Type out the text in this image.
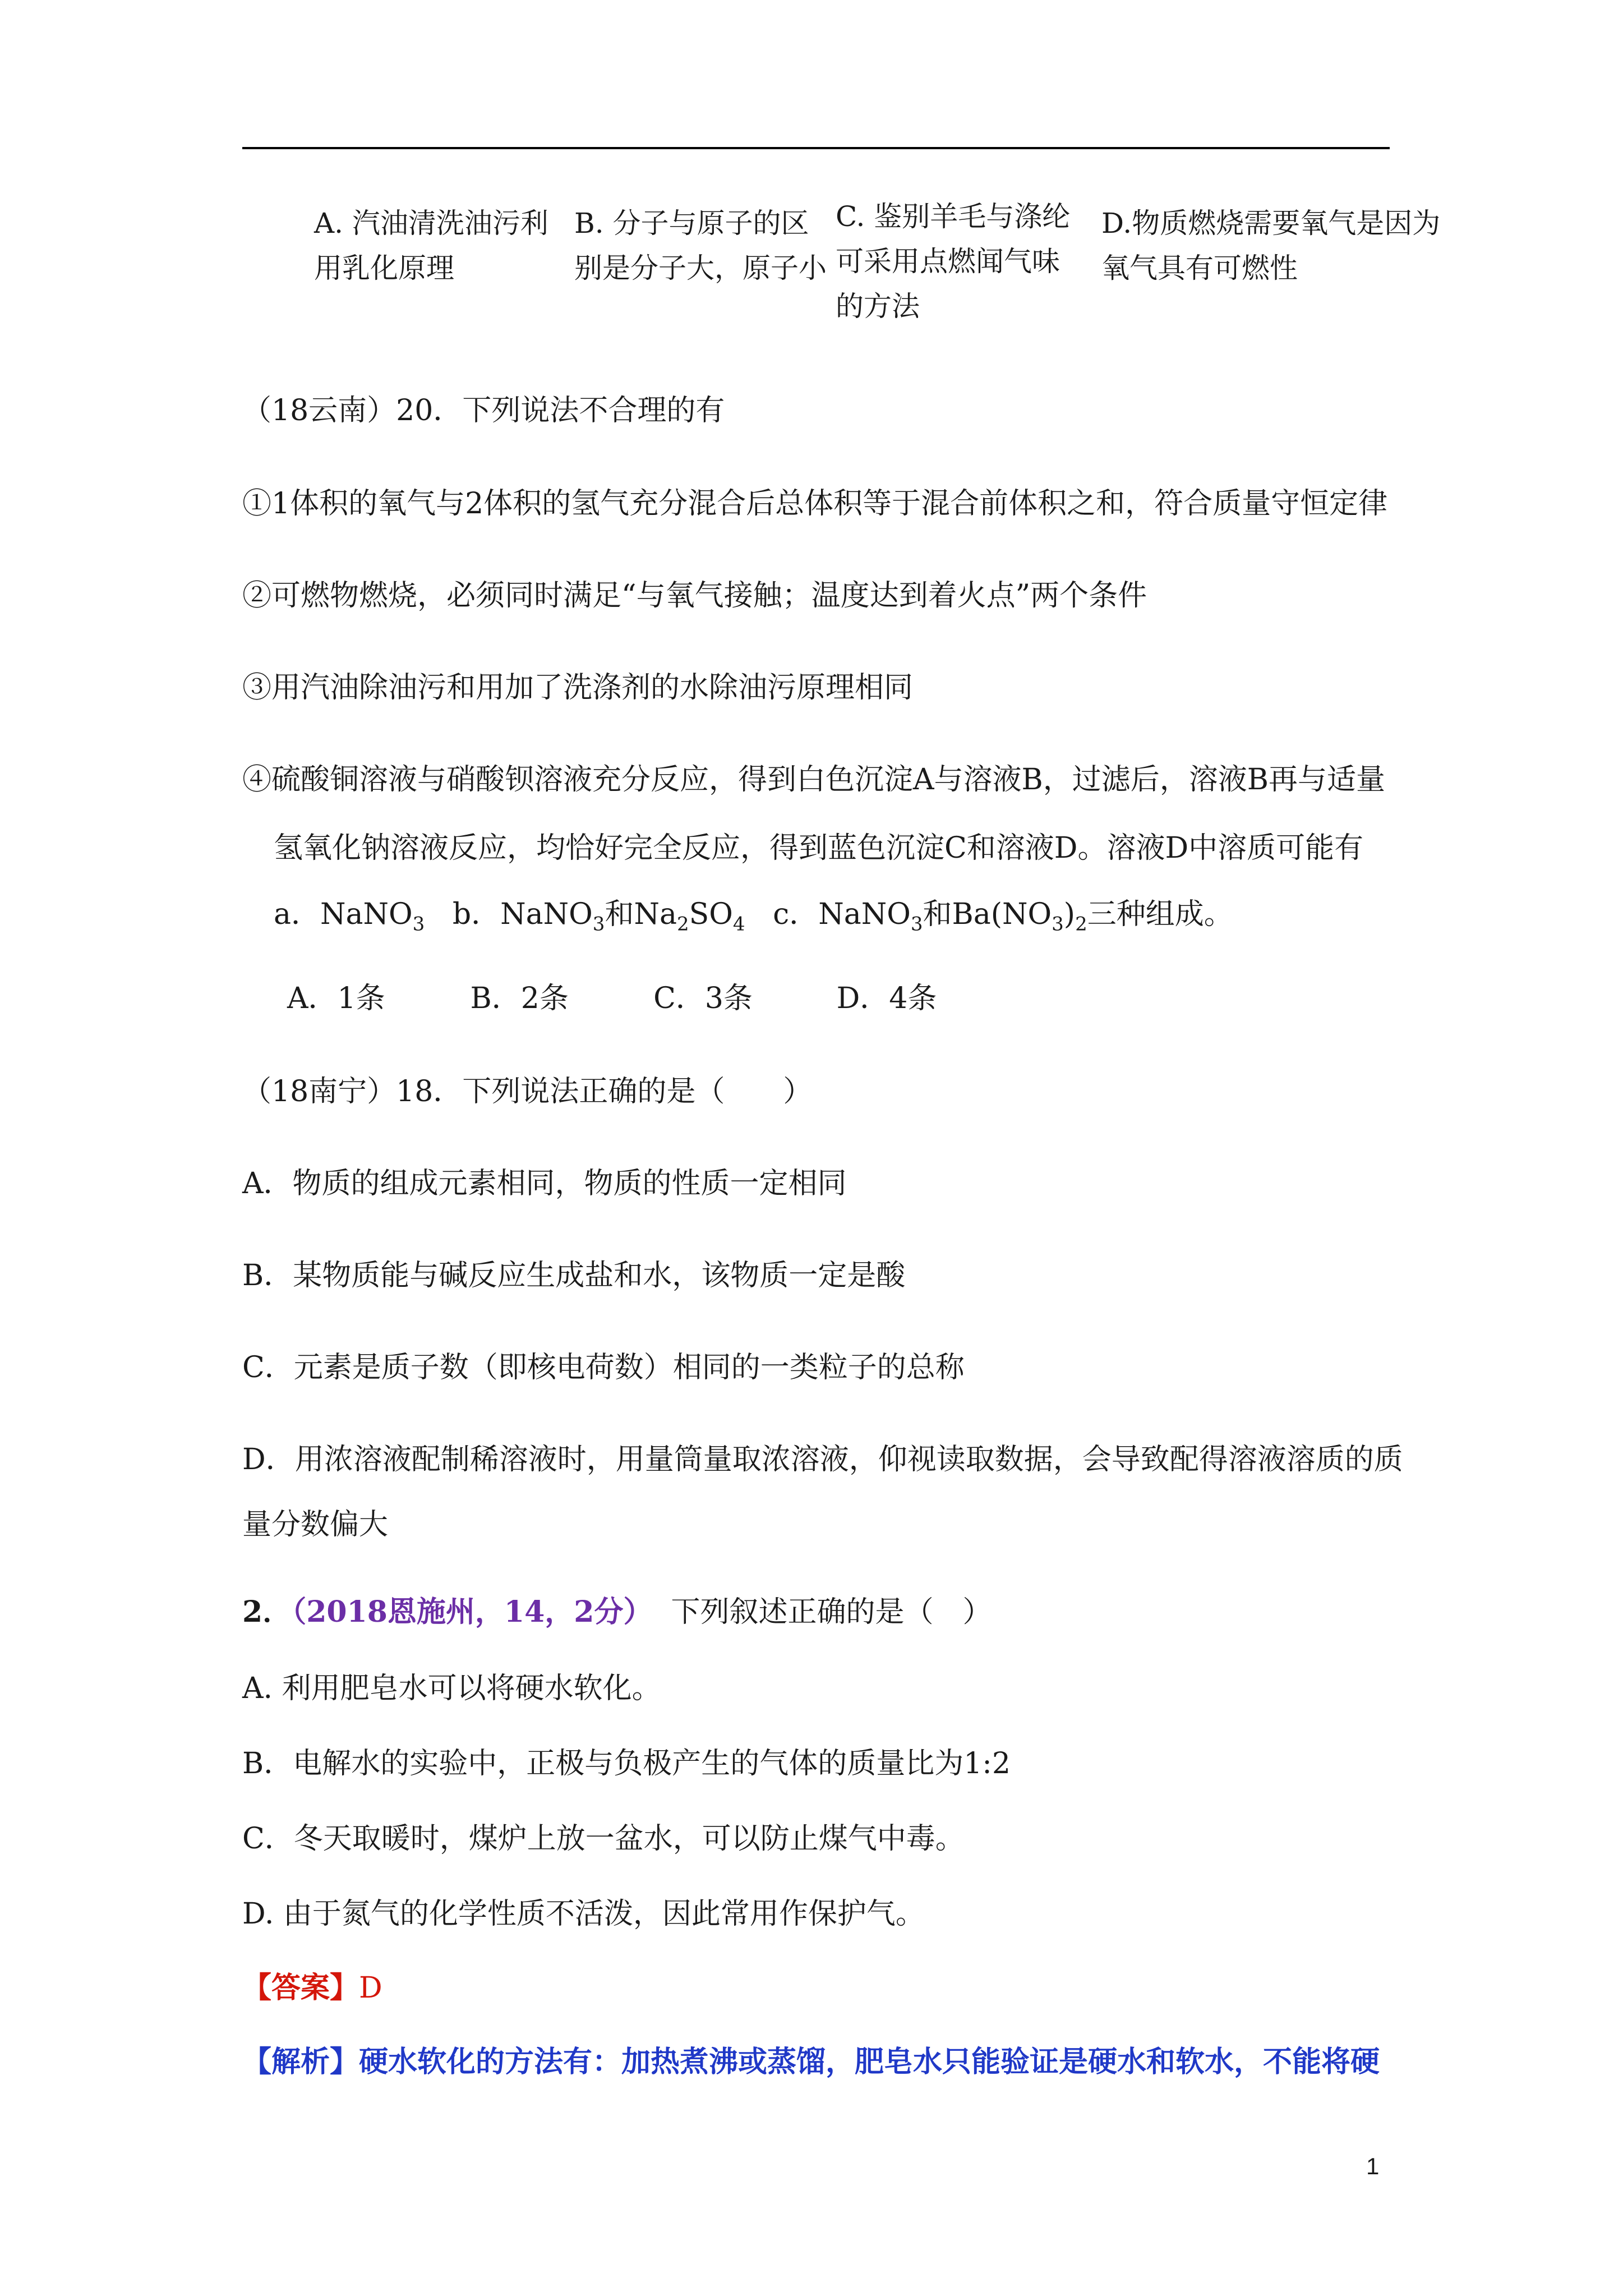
A. 汽油清洗油污利
用乳化原理
B. 分子与原子的区
别是分子大，原子小
C. 鉴别羊毛与涤纶
可采用点燃闻气味
的方法
D.物质燃烧需要氧气是因为
氧气具有可燃性
（18云南）20．下列说法不合理的有
①1体积的氧气与2体积的氢气充分混合后总体积等于混合前体积之和，符合质量守恒定律
②可燃物燃烧，必须同时满足“与氧气接触；温度达到着火点”两个条件
③用汽油除油污和用加了洗涤剂的水除油污原理相同
④硫酸铜溶液与硝酸钡溶液充分反应，得到白色沉淀A与溶液B，过滤后，溶液B再与适量
氢氧化钠溶液反应，均恰好完全反应，得到蓝色沉淀C和溶液D。溶液D中溶质可能有
a．NaNO$_3$ b．NaNO$_3$和$Na_2SO_4$ c．NaNO$_3$和$Ba(NO_3)_2$三种组成。
A．1条	B．2条	C．3条	D．4条
（18南宁）18．下列说法正确的是（　　）
A．物质的组成元素相同，物质的性质一定相同
B．某物质能与碱反应生成盐和水，该物质一定是酸
C．元素是质子数（即核电荷数）相同的一类粒子的总称
D．用浓溶液配制稀溶液时，用量筒量取浓溶液，仰视读取数据，会导致配得溶液溶质的质
量分数偏大
2．（2018恩施州，14，2分） 下列叙述正确的是（　）
A. 利用肥皂水可以将硬水软化。
B．电解水的实验中，正极与负极产生的气体的质量比为1:2
C．冬天取暖时，煤炉上放一盆水，可以防止煤气中毒。
D. 由于氮气的化学性质不活泼，因此常用作保护气。
【答案】D
【解析】硬水软化的方法有：加热煮沸或蒸馏，肥皂水只能验证是硬水和软水，不能将硬
1
